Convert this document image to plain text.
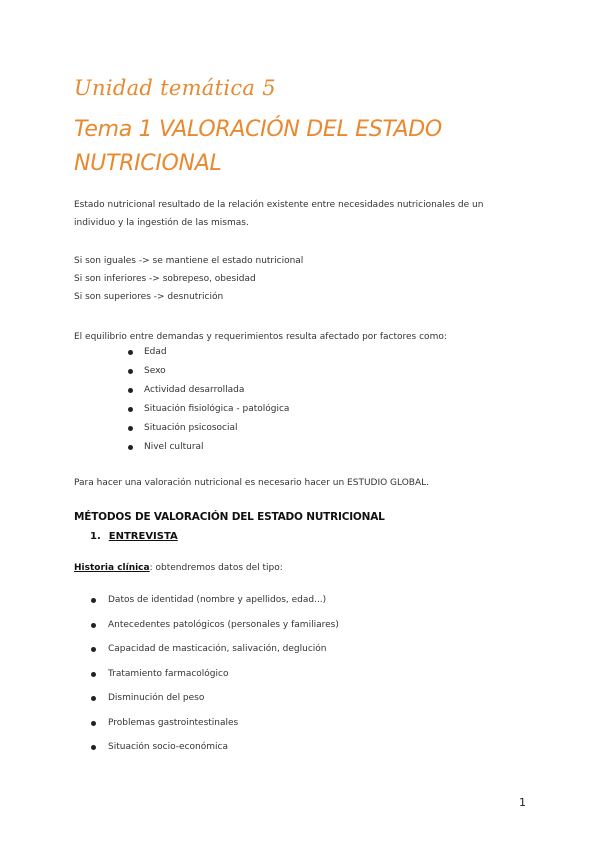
Unidad temática 5
Tema 1 VALORACIÓN DEL ESTADO NUTRICIONAL
Estado nutricional resultado de la relación existente entre necesidades nutricionales de un individuo y la ingestión de las mismas.
Si son iguales -> se mantiene el estado nutricional
Si son inferiores -> sobrepeso, obesidad
Si son superiores -> desnutrición
El equilibrio entre demandas y requerimientos resulta afectado por factores como:
Edad
Sexo
Actividad desarrollada
Situación fisiológica - patológica
Situación psicosocial
Nivel cultural
Para hacer una valoración nutricional es necesario hacer un ESTUDIO GLOBAL.
MÉTODOS DE VALORACIÓN DEL ESTADO NUTRICIONAL
1. ENTREVISTA
Historia clínica: obtendremos datos del tipo:
Datos de identidad (nombre y apellidos, edad...)
Antecedentes patológicos (personales y familiares)
Capacidad de masticación, salivación, deglución
Tratamiento farmacológico
Disminución del peso
Problemas gastrointestinales
Situación socio-económica
1
